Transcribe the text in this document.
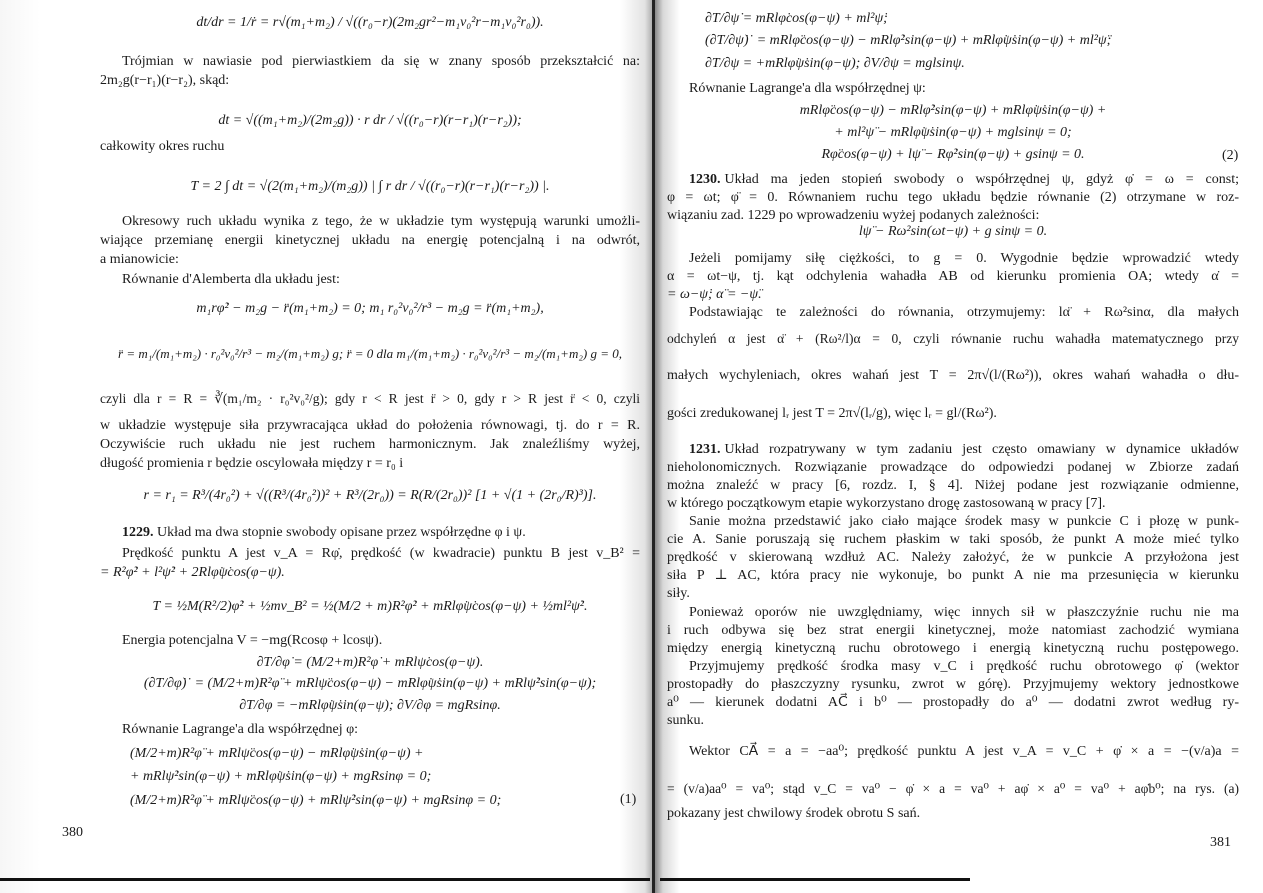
dt/dr = 1/ṙ = r√(m₁+m₂) / √((r₀−r)(2m₂gr²−m₁v₀²r−m₁v₀²r₀)).
Trójmian w nawiasie pod pierwiastkiem da się w znany sposób przekształcić na:
2m₂g(r−r₁)(r−r₂), skąd:
dt = √((m₁+m₂)/(2m₂g)) · r dr / √((r₀−r)(r−r₁)(r−r₂));
całkowity okres ruchu
T = 2 ∫ dt = √(2(m₁+m₂)/(m₂g)) | ∫ r dr / √((r₀−r)(r−r₁)(r−r₂)) |.
Okresowy ruch układu wynika z tego, że w układzie tym występują warunki umożli-
wiające przemianę energii kinetycznej układu na energię potencjalną i na odwrót,
a mianowicie:
Równanie d'Alemberta dla układu jest:
m₁rφ̇² − m₂g − r̈(m₁+m₂) = 0; m₁ r₀²v₀²/r³ − m₂g = r̈(m₁+m₂),
r̈ = m₁/(m₁+m₂) · r₀²v₀²/r³ − m₂/(m₁+m₂) g; r̈ = 0 dla m₁/(m₁+m₂) · r₀²v₀²/r³ − m₂/(m₁+m₂) g = 0,
czyli dla r = R = ∛(m₁/m₂ · r₀²v₀²/g); gdy r < R jest r̈ > 0, gdy r > R jest r̈ < 0, czyli
w układzie występuje siła przywracająca układ do położenia równowagi, tj. do r = R.
Oczywiście ruch układu nie jest ruchem harmonicznym. Jak znaleźliśmy wyżej,
długość promienia r będzie oscylowała między r = r₀ i
r = r₁ = R³/(4r₀²) + √((R³/(4r₀²))² + R³/(2r₀)) = R(R/(2r₀))² [1 + √(1 + (2r₀/R)³)].
1229. Układ ma dwa stopnie swobody opisane przez współrzędne φ i ψ.
Prędkość punktu A jest v_A = Rφ̇, prędkość (w kwadracie) punktu B jest v_B² =
= R²φ̇² + l²ψ̇² + 2Rlφ̇ψ̇cos(φ−ψ).
T = ½M(R²/2)φ̇² + ½mv_B² = ½(M/2 + m)R²φ̇² + mRlφ̇ψ̇cos(φ−ψ) + ½ml²ψ̇².
Energia potencjalna V = −mg(Rcosφ + lcosψ).
∂T/∂φ̇ = (M/2+m)R²φ̇ + mRlψ̇cos(φ−ψ).
(∂T/∂φ̇)˙ = (M/2+m)R²φ̈ + mRlψ̈cos(φ−ψ) − mRlφ̇ψ̇sin(φ−ψ) + mRlψ̇²sin(φ−ψ);
∂T/∂φ = −mRlφ̇ψ̇sin(φ−ψ); ∂V/∂φ = mgRsinφ.
Równanie Lagrange'a dla współrzędnej φ:
(M/2+m)R²φ̈ + mRlψ̈cos(φ−ψ) − mRlφ̇ψ̇sin(φ−ψ) +
+ mRlψ̇²sin(φ−ψ) + mRlφ̇ψ̇sin(φ−ψ) + mgRsinφ = 0;
(M/2+m)R²φ̈ + mRlψ̈cos(φ−ψ) + mRlψ̇²sin(φ−ψ) + mgRsinφ = 0;	(1)
380
∂T/∂ψ̇ = mRlφ̇cos(φ−ψ) + ml²ψ̇;
(∂T/∂ψ̇)˙ = mRlφ̈cos(φ−ψ) − mRlφ̇²sin(φ−ψ) + mRlφ̇ψ̇sin(φ−ψ) + ml²ψ̈;
∂T/∂ψ = +mRlφ̇ψ̇sin(φ−ψ); ∂V/∂ψ = mglsinψ.
Równanie Lagrange'a dla współrzędnej ψ:
mRlφ̈cos(φ−ψ) − mRlφ̇²sin(φ−ψ) + mRlφ̇ψ̇sin(φ−ψ) +
+ ml²ψ̈ − mRlφ̇ψ̇sin(φ−ψ) + mglsinψ = 0;
Rφ̈cos(φ−ψ) + lψ̈ − Rφ̇²sin(φ−ψ) + gsinψ = 0.	(2)
1230. Układ ma jeden stopień swobody o współrzędnej ψ, gdyż φ̇ = ω = const;
φ = ωt; φ̈ = 0. Równaniem ruchu tego układu będzie równanie (2) otrzymane w roz-
wiązaniu zad. 1229 po wprowadzeniu wyżej podanych zależności:
lψ̈ − Rω²sin(ωt−ψ) + g sinψ = 0.
Jeżeli pomijamy siłę ciężkości, to g = 0. Wygodnie będzie wprowadzić wtedy
α = ωt−ψ, tj. kąt odchylenia wahadła AB od kierunku promienia OA; wtedy α̇ =
= ω−ψ̇; α̈ = −ψ̈.
Podstawiając te zależności do równania, otrzymujemy: lα̈ + Rω²sinα, dla małych
odchyleń α jest α̈ + (Rω²/l)α = 0, czyli równanie ruchu wahadła matematycznego przy
małych wychyleniach, okres wahań jest T = 2π√(l/(Rω²)), okres wahań wahadła o dłu-
gości zredukowanej lᵣ jest T = 2π√(lᵣ/g), więc lᵣ = gl/(Rω²).
1231. Układ rozpatrywany w tym zadaniu jest często omawiany w dynamice układów
nieholonomicznych. Rozwiązanie prowadzące do odpowiedzi podanej w Zbiorze zadań
można znaleźć w pracy [6, rozdz. I, § 4]. Niżej podane jest rozwiązanie odmienne,
w którego początkowym etapie wykorzystano drogę zastosowaną w pracy [7].
Sanie można przedstawić jako ciało mające środek masy w punkcie C i płozę w punk-
cie A. Sanie poruszają się ruchem płaskim w taki sposób, że punkt A może mieć tylko
prędkość v skierowaną wzdłuż AC. Należy założyć, że w punkcie A przyłożona jest
siła P ⊥ AC, która pracy nie wykonuje, bo punkt A nie ma przesunięcia w kierunku
siły.
Ponieważ oporów nie uwzględniamy, więc innych sił w płaszczyźnie ruchu nie ma
i ruch odbywa się bez strat energii kinetycznej, może natomiast zachodzić wymiana
między energią kinetyczną ruchu obrotowego i energią kinetyczną ruchu postępowego.
Przyjmujemy prędkość środka masy v_C i prędkość ruchu obrotowego φ̇ (wektor
prostopadły do płaszczyzny rysunku, zwrot w górę). Przyjmujemy wektory jednostkowe
a⁰ — kierunek dodatni AC⃗ i b⁰ — prostopadły do a⁰ — dodatni zwrot według ry-
sunku.
Wektor CA⃗ = a = −aa⁰; prędkość punktu A jest v_A = v_C + φ̇ × a = −(v/a)a =
= (v/a)aa⁰ = va⁰; stąd v_C = va⁰ − φ̇ × a = va⁰ + aφ̇ × a⁰ = va⁰ + aφ̇b⁰; na rys. (a)
pokazany jest chwilowy środek obrotu S sań.
381
